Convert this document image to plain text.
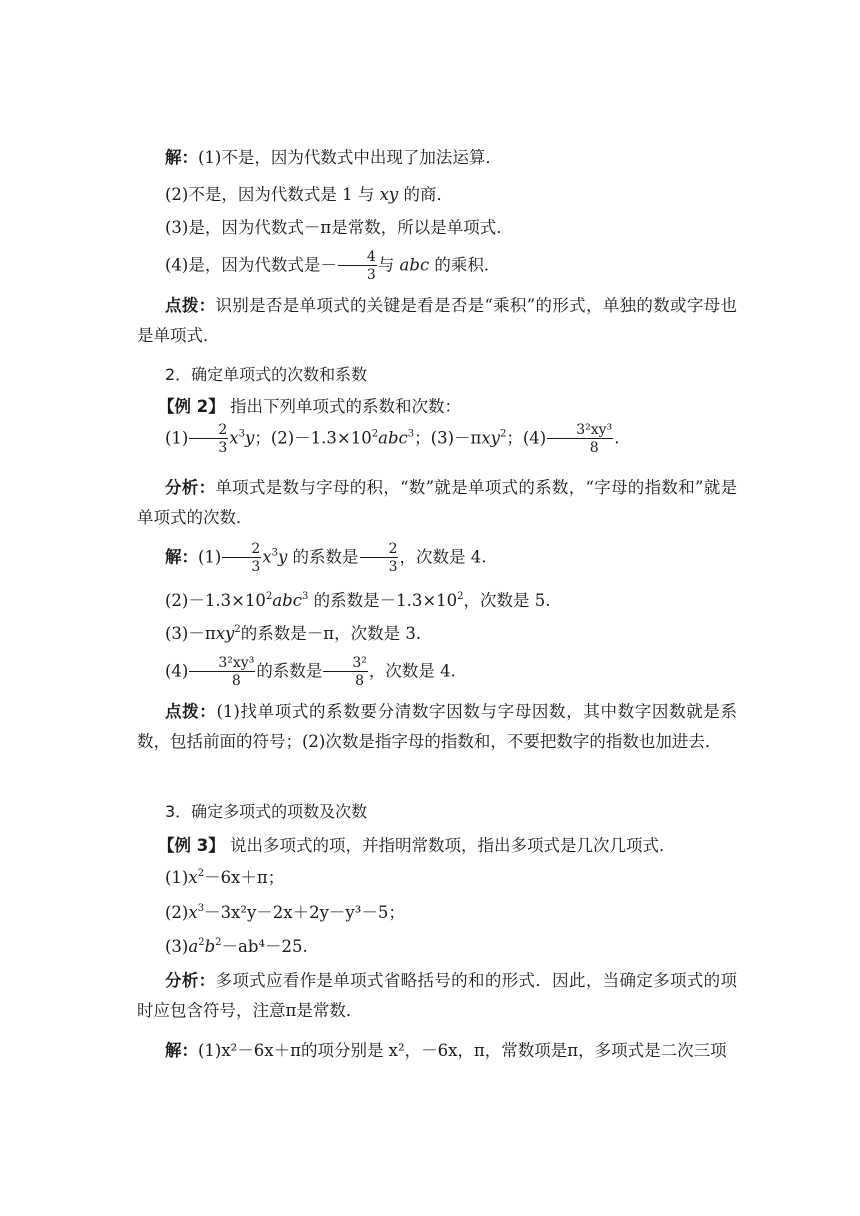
解：(1)不是，因为代数式中出现了加法运算．
(2)不是，因为代数式是 1 与 xy 的商．
(3)是，因为代数式－π是常数，所以是单项式．
(4)是，因为代数式是－ $\frac{4}{3}$ 与 abc 的乘积．
点拨：识别是否是单项式的关键是看是否是“乘积”的形式，单独的数或字母也是单项式．
2．确定单项式的次数和系数
【例 2】 指出下列单项式的系数和次数：
$(1) \frac{2}{3} x^3y$；$(2)-1.3\times 10^2abc^3$；(3)－πxy$^2$；$(4) \frac{\text{3²xy³}}{8}$ .
分析：单项式是数与字母的积，“数”就是单项式的系数，“字母的指数和”就是单项式的次数．
解：$(1) \frac{2}{3} x^3y$ 的系数是 $\frac{2}{3}$ ，次数是 4.
$(2)-1.3\times 10^2abc^3$ 的系数是$-1.3\times 10^2$，次数是 5.
(3)－πxy$^2$的系数是－π，次数是 3.
$(4) \frac{\text{3²xy³}}{8}$ 的系数是 $\frac{\text{3²}}{8}$ ，次数是 4.
点拨：(1)找单项式的系数要分清数字因数与字母因数，其中数字因数就是系数，包括前面的符号；(2)次数是指字母的指数和，不要把数字的指数也加进去．
3．确定多项式的项数及次数
【例 3】 说出多项式的项，并指明常数项，指出多项式是几次几项式．
$(1)x^2-6x+\pi$；
$(2)x^3-3x^2y-2x+2y-y^3-5$；
$(3)a^2b^2-ab^4-25$.
分析：多项式应看作是单项式省略括号的和的形式．因此，当确定多项式的项时应包含符号，注意π是常数．
解：(1)x²－6x＋π的项分别是 x²，－6x，π，常数项是π，多项式是二次三项
